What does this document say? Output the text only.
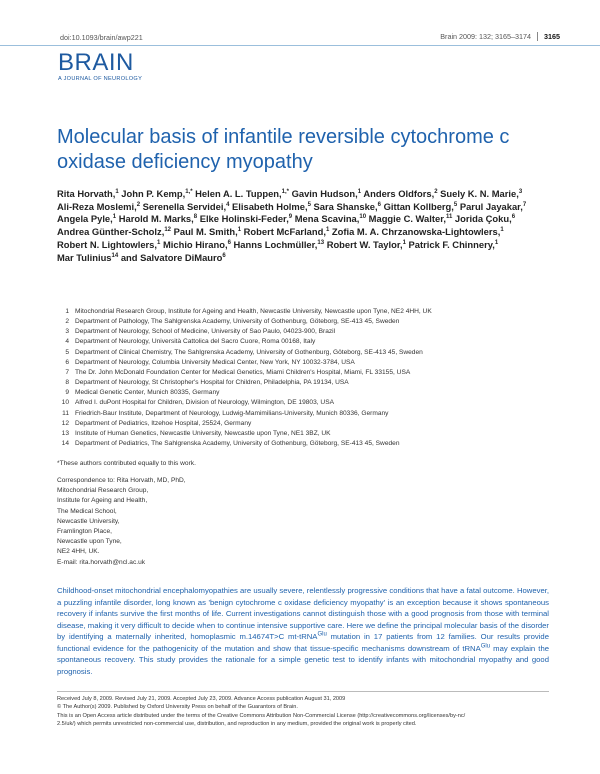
doi:10.1093/brain/awp221	Brain 2009: 132; 3165–3174	3165
BRAIN
A JOURNAL OF NEUROLOGY
Molecular basis of infantile reversible cytochrome c oxidase deficiency myopathy
Rita Horvath,$^1$ John P. Kemp,$^{1,*}$ Helen A. L. Tuppen,$^{1,*}$ Gavin Hudson,$^1$ Anders Oldfors,$^2$ Suely K. N. Marie,$^3$ Ali-Reza Moslemi,$^2$ Serenella Servidei,$^4$ Elisabeth Holme,$^5$ Sara Shanske,$^6$ Gittan Kollberg,$^5$ Parul Jayakar,$^7$ Angela Pyle,$^1$ Harold M. Marks,$^8$ Elke Holinski-Feder,$^9$ Mena Scavina,$^{10}$ Maggie C. Walter,$^{11}$ Jorida Çoku,$^6$ Andrea Günther-Scholz,$^{12}$ Paul M. Smith,$^1$ Robert McFarland,$^1$ Zofia M. A. Chrzanowska-Lightowlers,$^1$ Robert N. Lightowlers,$^1$ Michio Hirano,$^6$ Hanns Lochmüller,$^{13}$ Robert W. Taylor,$^1$ Patrick F. Chinnery,$^1$ Mar Tulinius$^{14}$ and Salvatore DiMauro$^6$
1 Mitochondrial Research Group, Institute for Ageing and Health, Newcastle University, Newcastle upon Tyne, NE2 4HH, UK
2 Department of Pathology, The Sahlgrenska Academy, University of Gothenburg, Göteborg, SE-413 45, Sweden
3 Department of Neurology, School of Medicine, University of Sao Paulo, 04023-900, Brazil
4 Department of Neurology, Università Cattolica del Sacro Cuore, Roma 00168, Italy
5 Department of Clinical Chemistry, The Sahlgrenska Academy, University of Gothenburg, Göteborg, SE-413 45, Sweden
6 Department of Neurology, Columbia University Medical Center, New York, NY 10032-3784, USA
7 The Dr. John McDonald Foundation Center for Medical Genetics, Miami Children's Hospital, Miami, FL 33155, USA
8 Department of Neurology, St Christopher's Hospital for Children, Philadelphia, PA 19134, USA
9 Medical Genetic Center, Munich 80335, Germany
10 Alfred I. duPont Hospital for Children, Division of Neurology, Wilmington, DE 19803, USA
11 Friedrich-Baur Institute, Department of Neurology, Ludwig-Mamimilians-University, Munich 80336, Germany
12 Department of Pediatrics, Itzehoe Hospital, 25524, Germany
13 Institute of Human Genetics, Newcastle University, Newcastle upon Tyne, NE1 3BZ, UK
14 Department of Pediatrics, The Sahlgrenska Academy, University of Gothenburg, Göteborg, SE-413 45, Sweden
*These authors contributed equally to this work.
Correspondence to: Rita Horvath, MD, PhD,
Mitochondrial Research Group,
Institute for Ageing and Health,
The Medical School,
Newcastle University,
Framlington Place,
Newcastle upon Tyne,
NE2 4HH, UK.
E-mail: rita.horvath@ncl.ac.uk
Childhood-onset mitochondrial encephalomyopathies are usually severe, relentlessly progressive conditions that have a fatal outcome. However, a puzzling infantile disorder, long known as 'benign cytochrome c oxidase deficiency myopathy' is an exception because it shows spontaneous recovery if infants survive the first months of life. Current investigations cannot distinguish those with a good prognosis from those with terminal disease, making it very difficult to decide when to continue intensive supportive care. Here we define the principal molecular basis of the disorder by identifying a maternally inherited, homoplasmic m.14674T>C mt-tRNA$^{Glu}$ mutation in 17 patients from 12 families. Our results provide functional evidence for the pathogenicity of the mutation and show that tissue-specific mechanisms downstream of tRNA$^{Glu}$ may explain the spontaneous recovery. This study provides the rationale for a simple genetic test to identify infants with mitochondrial myopathy and good prognosis.
Received July 8, 2009. Revised July 21, 2009. Accepted July 23, 2009. Advance Access publication August 31, 2009
© The Author(s) 2009. Published by Oxford University Press on behalf of the Guarantors of Brain.
This is an Open Access article distributed under the terms of the Creative Commons Attribution Non-Commercial License (http://creativecommons.org/licenses/by-nc/
2.5/uk/) which permits unrestricted non-commercial use, distribution, and reproduction in any medium, provided the original work is properly cited.
